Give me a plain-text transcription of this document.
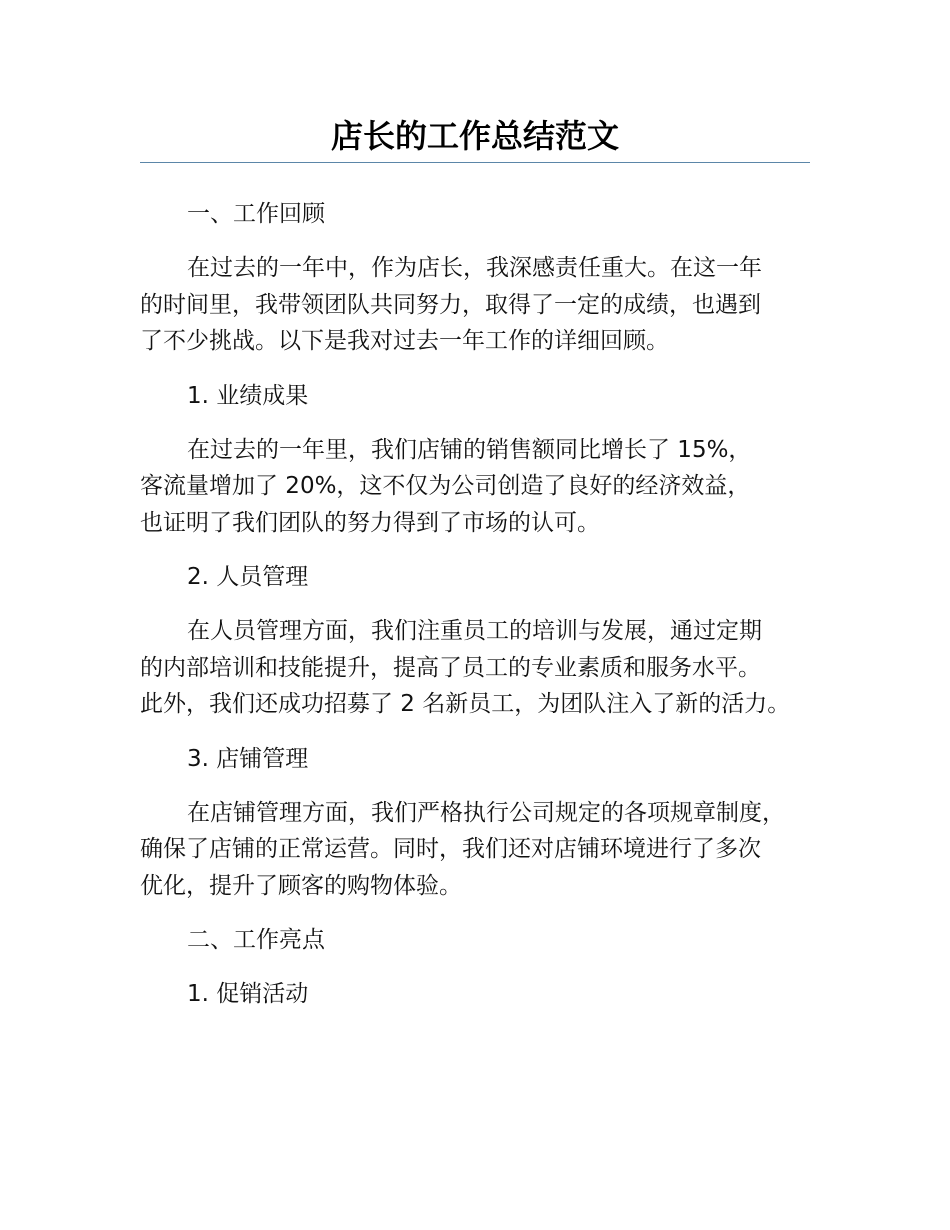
店长的工作总结范文

一、工作回顾

在过去的一年中，作为店长，我深感责任重大。在这一年
的时间里，我带领团队共同努力，取得了一定的成绩，也遇到
了不少挑战。以下是我对过去一年工作的详细回顾。

1. 业绩成果

在过去的一年里，我们店铺的销售额同比增长了 15%，
客流量增加了 20%，这不仅为公司创造了良好的经济效益，
也证明了我们团队的努力得到了市场的认可。

2. 人员管理

在人员管理方面，我们注重员工的培训与发展，通过定期
的内部培训和技能提升，提高了员工的专业素质和服务水平。
此外，我们还成功招募了 2 名新员工，为团队注入了新的活力。

3. 店铺管理

在店铺管理方面，我们严格执行公司规定的各项规章制度，
确保了店铺的正常运营。同时，我们还对店铺环境进行了多次
优化，提升了顾客的购物体验。

二、工作亮点

1. 促销活动
